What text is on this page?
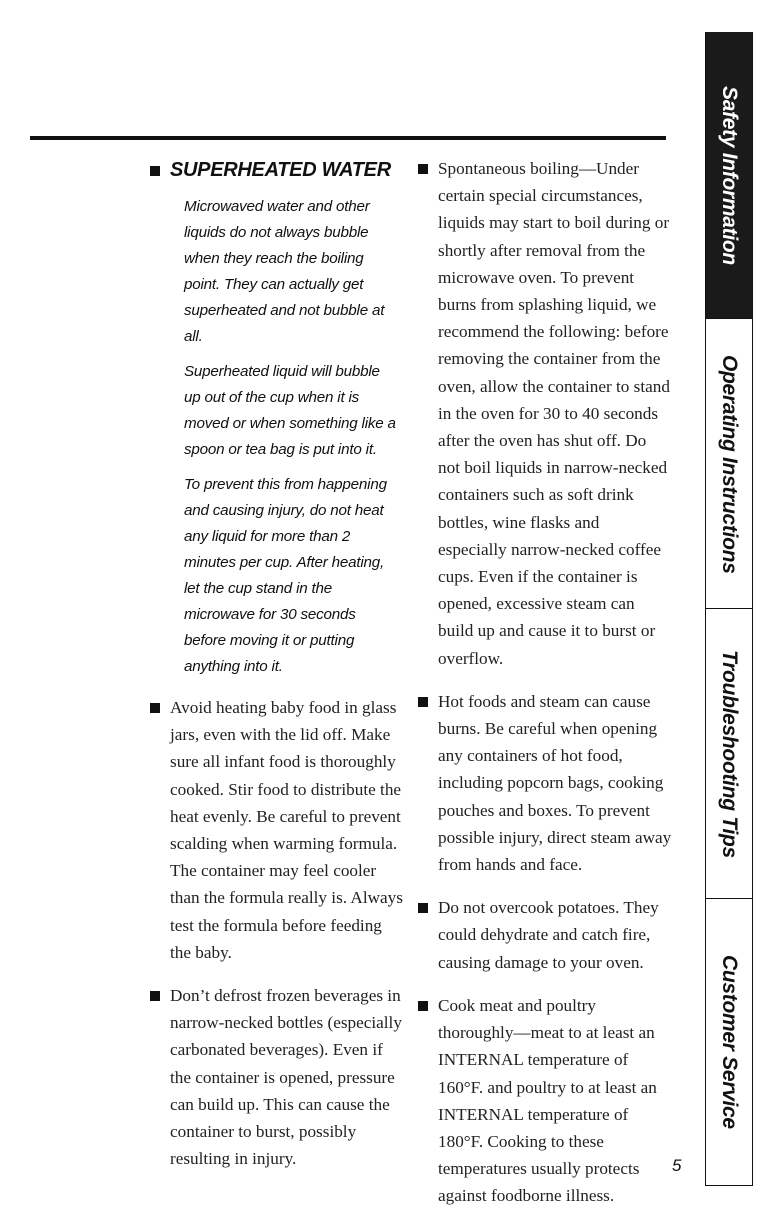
SUPERHEATED WATER

Microwaved water and other liquids do not always bubble when they reach the boiling point. They can actually get superheated and not bubble at all.

Superheated liquid will bubble up out of the cup when it is moved or when something like a spoon or tea bag is put into it.

To prevent this from happening and causing injury, do not heat any liquid for more than 2 minutes per cup. After heating, let the cup stand in the microwave for 30 seconds before moving it or putting anything into it.

Avoid heating baby food in glass jars, even with the lid off. Make sure all infant food is thoroughly cooked. Stir food to distribute the heat evenly. Be careful to prevent scalding when warming formula. The container may feel cooler than the formula really is. Always test the formula before feeding the baby.

Don’t defrost frozen beverages in narrow-necked bottles (especially carbonated beverages). Even if the container is opened, pressure can build up. This can cause the container to burst, possibly resulting in injury.

Spontaneous boiling—Under certain special circumstances, liquids may start to boil during or shortly after removal from the microwave oven. To prevent burns from splashing liquid, we recommend the following: before removing the container from the oven, allow the container to stand in the oven for 30 to 40 seconds after the oven has shut off. Do not boil liquids in narrow-necked containers such as soft drink bottles, wine flasks and especially narrow-necked coffee cups. Even if the container is opened, excessive steam can build up and cause it to burst or overflow.

Hot foods and steam can cause burns. Be careful when opening any containers of hot food, including popcorn bags, cooking pouches and boxes. To prevent possible injury, direct steam away from hands and face.

Do not overcook potatoes. They could dehydrate and catch fire, causing damage to your oven.

Cook meat and poultry thoroughly—meat to at least an INTERNAL temperature of 160°F. and poultry to at least an INTERNAL temperature of 180°F. Cooking to these temperatures usually protects against foodborne illness.

5
Safety Information
Operating Instructions
Troubleshooting Tips
Customer Service
